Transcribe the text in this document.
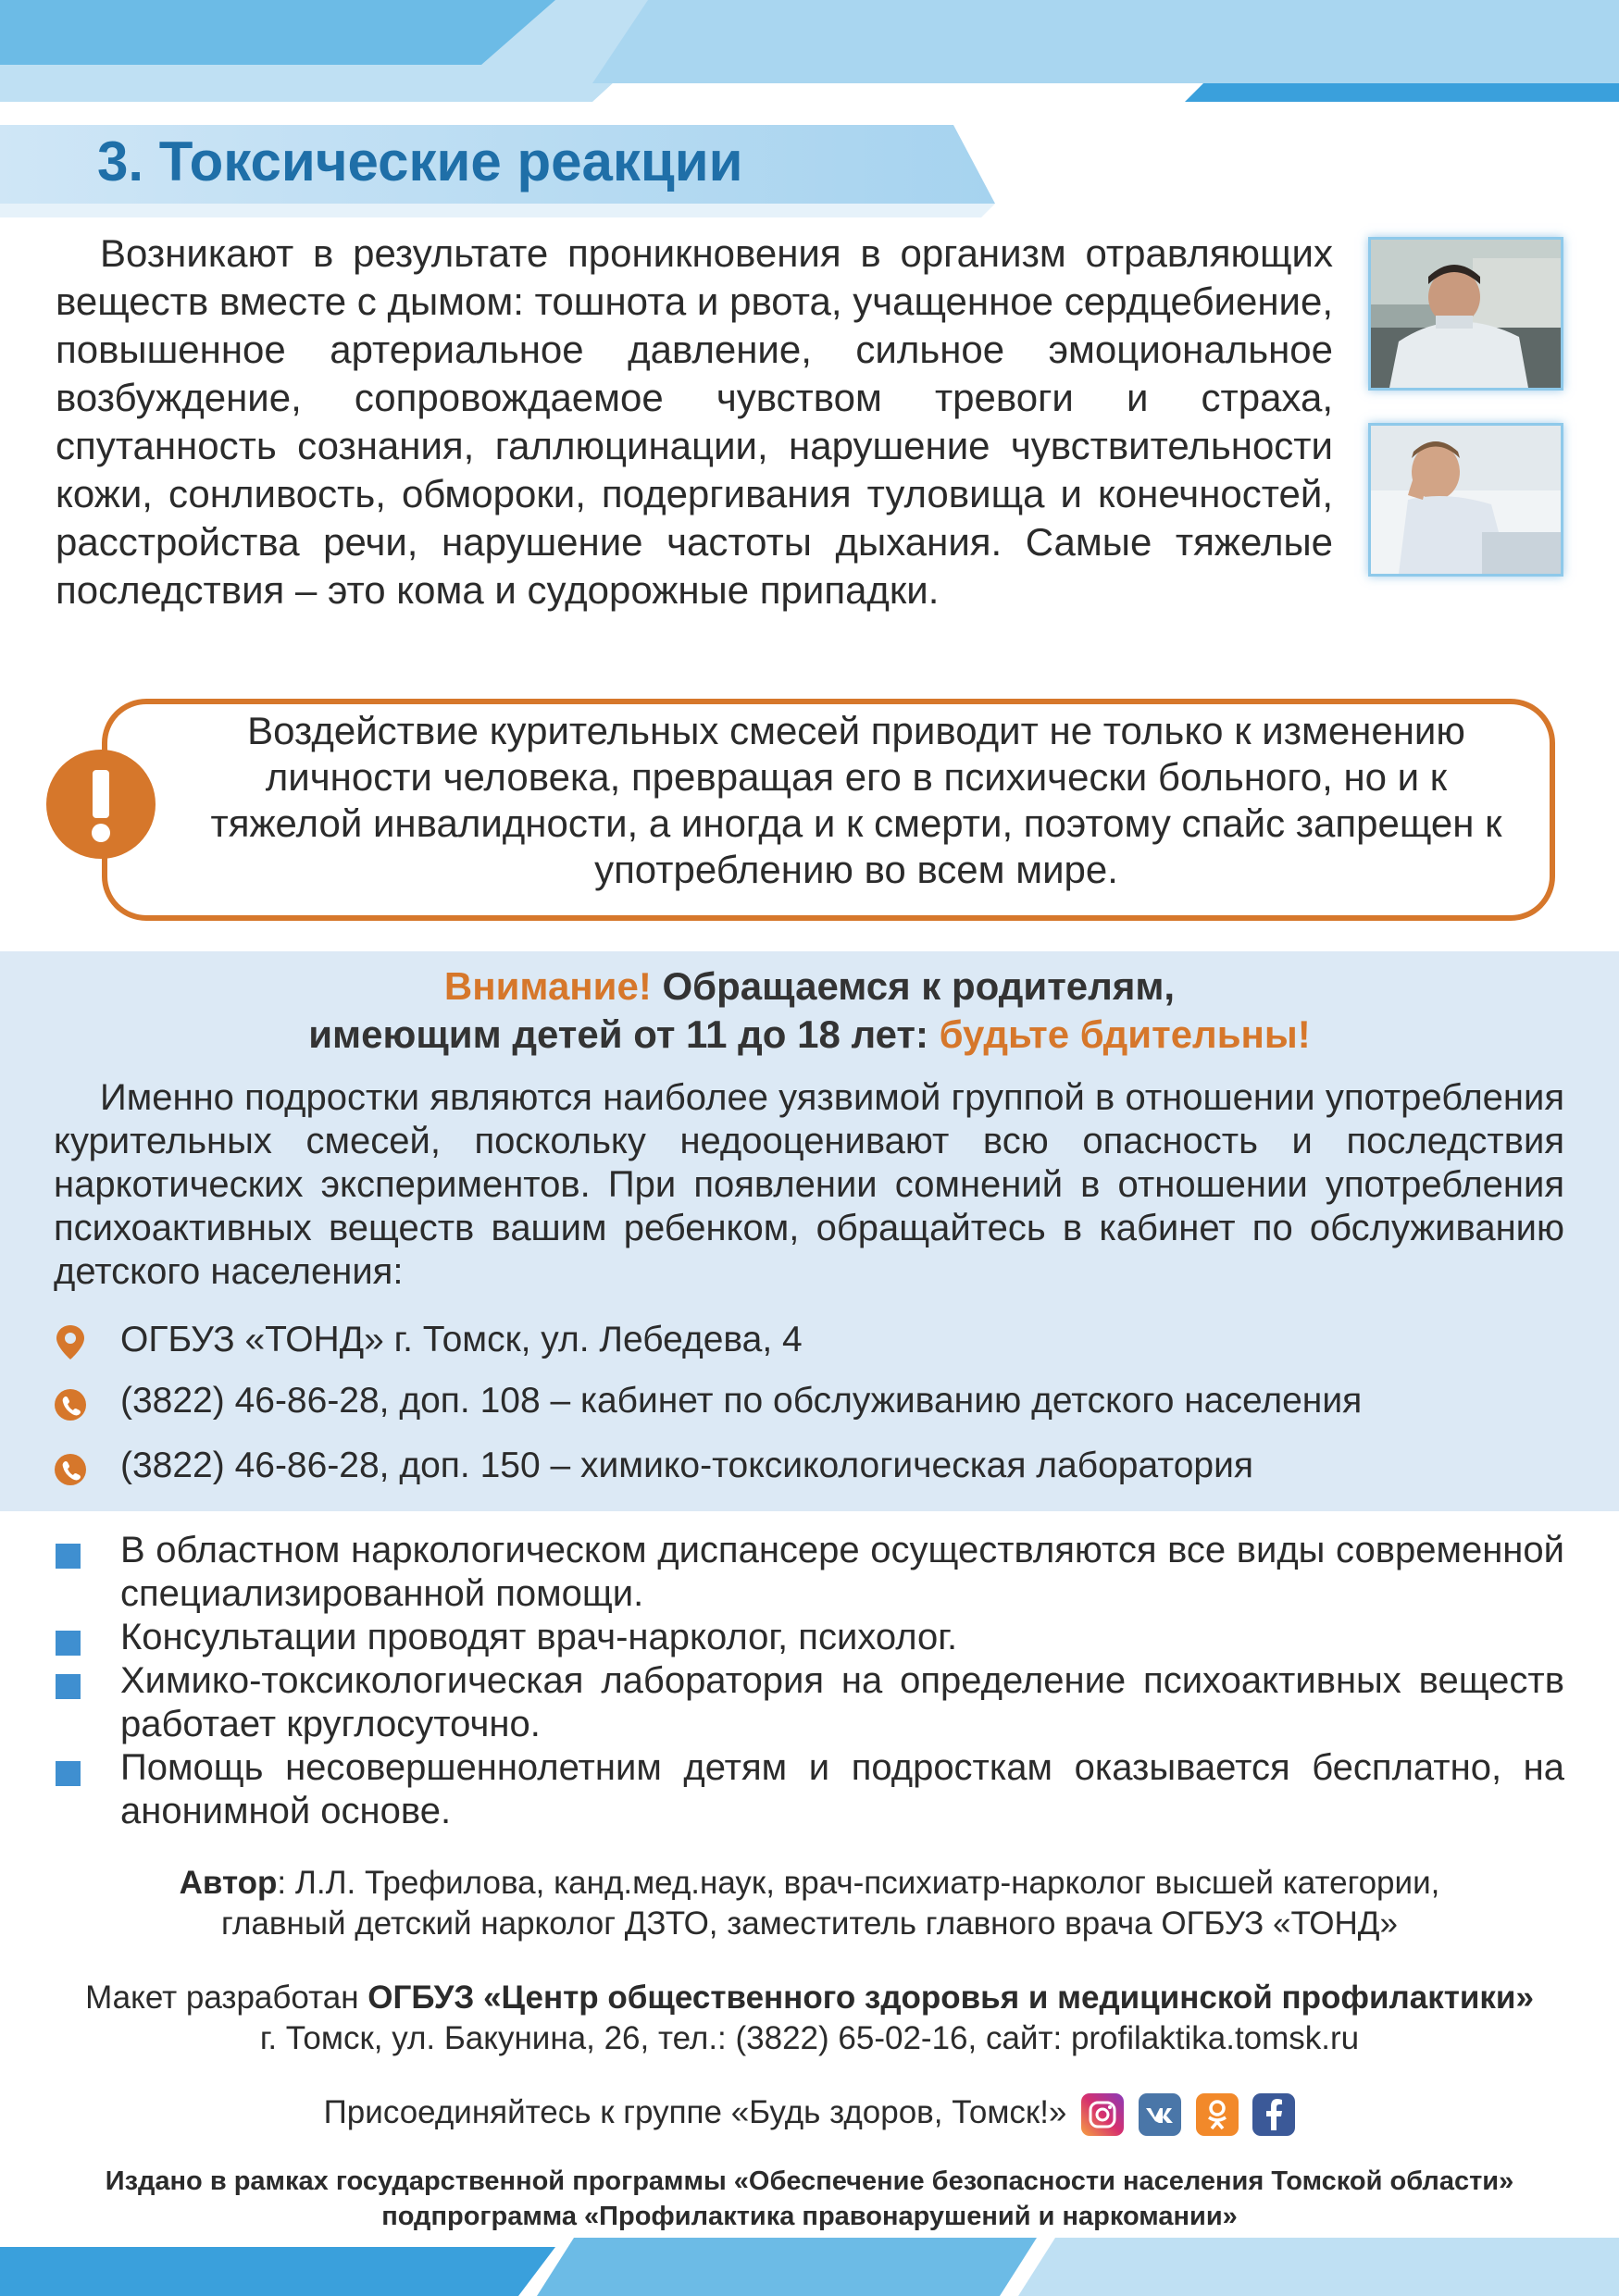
3. Токсические реакции
Возникают в результате проникновения в организм отравляющих веществ вместе с дымом: тошнота и рвота, учащенное сердцебиение, повышенное артериальное давление, сильное эмоциональное возбуждение, сопровождаемое чувством тревоги и страха, спутанность сознания, галлюцинации, нарушение чувствительности кожи, сонливость, обмороки, подергивания туловища и конечностей, расстройства речи, нарушение частоты дыхания. Самые тяжелые последствия – это кома и судорожные припадки.
Воздействие курительных смесей приводит не только к изменению личности человека, превращая его в психически больного, но и к тяжелой инвалидности, а иногда и к смерти, поэтому спайс запрещен к употреблению во всем мире.
Внимание! Обращаемся к родителям,
имеющим детей от 11 до 18 лет: будьте бдительны!
Именно подростки являются наиболее уязвимой группой в отношении употребления курительных смесей, поскольку недооценивают всю опасность и последствия наркотических экспериментов. При появлении сомнений в отношении употребления психоактивных веществ вашим ребенком, обращайтесь в кабинет по обслуживанию детского населения:
ОГБУЗ «ТОНД» г. Томск, ул. Лебедева, 4
(3822) 46-86-28, доп. 108 – кабинет по обслуживанию детского населения
(3822) 46-86-28, доп. 150 – химико-токсикологическая лаборатория
В областном наркологическом диспансере осуществляются все виды современной специализированной помощи.
Консультации проводят врач-нарколог, психолог.
Химико-токсикологическая лаборатория на определение психоактивных веществ работает круглосуточно.
Помощь несовершеннолетним детям и подросткам оказывается бесплатно, на анонимной основе.
Автор: Л.Л. Трефилова, канд.мед.наук, врач-психиатр-нарколог высшей категории,
главный детский нарколог ДЗТО, заместитель главного врача ОГБУЗ «ТОНД»
Макет разработан ОГБУЗ «Центр общественного здоровья и медицинской профилактики»
г. Томск, ул. Бакунина, 26, тел.: (3822) 65-02-16, сайт: profilaktika.tomsk.ru
Присоединяйтесь к группе «Будь здоров, Томск!»
Издано в рамках государственной программы «Обеспечение безопасности населения Томской области»
подпрограмма «Профилактика правонарушений и наркомании»
